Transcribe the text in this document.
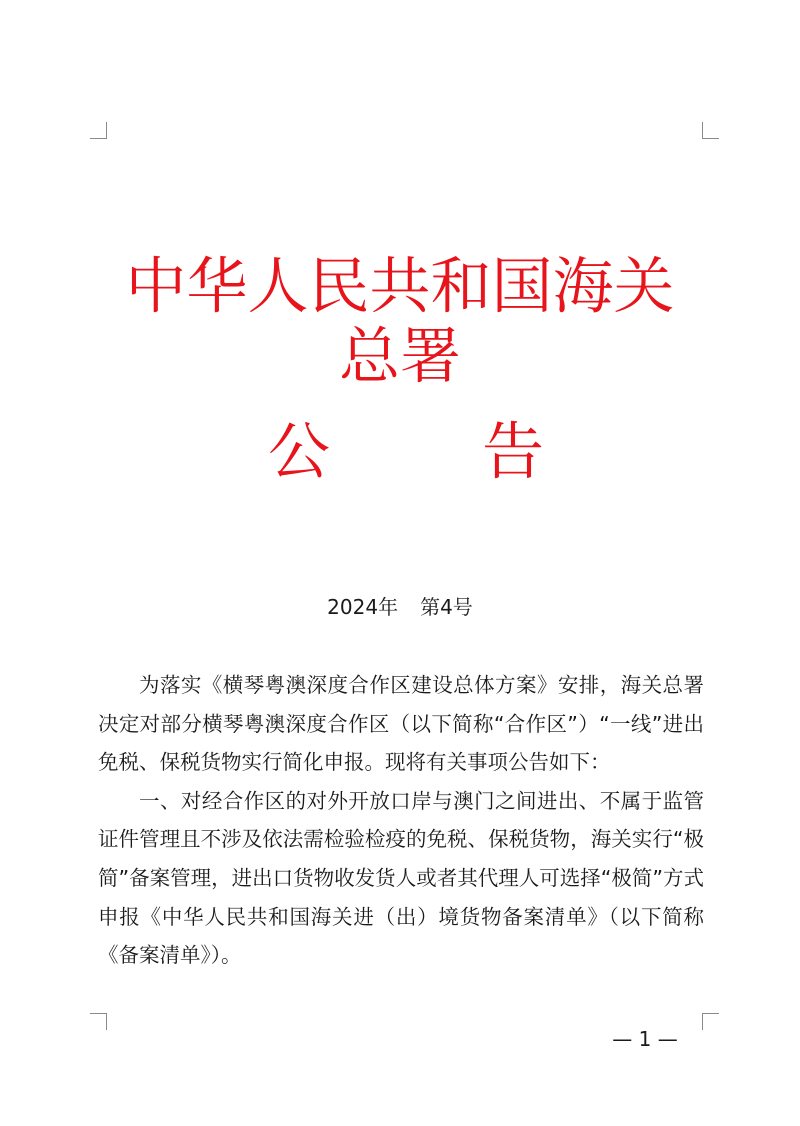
中华人民共和国海关总署
公 告
2024年 第4号

为落实《横琴粤澳深度合作区建设总体方案》安排，海关总署决定对部分横琴粤澳深度合作区（以下简称“合作区”）“一线”进出免税、保税货物实行简化申报。现将有关事项公告如下：

一、对经合作区的对外开放口岸与澳门之间进出、不属于监管证件管理且不涉及依法需检验检疫的免税、保税货物，海关实行“极简”备案管理，进出口货物收发货人或者其代理人可选择“极简”方式申报《中华人民共和国海关进（出）境货物备案清单》（以下简称《备案清单》）。

— 1 —
